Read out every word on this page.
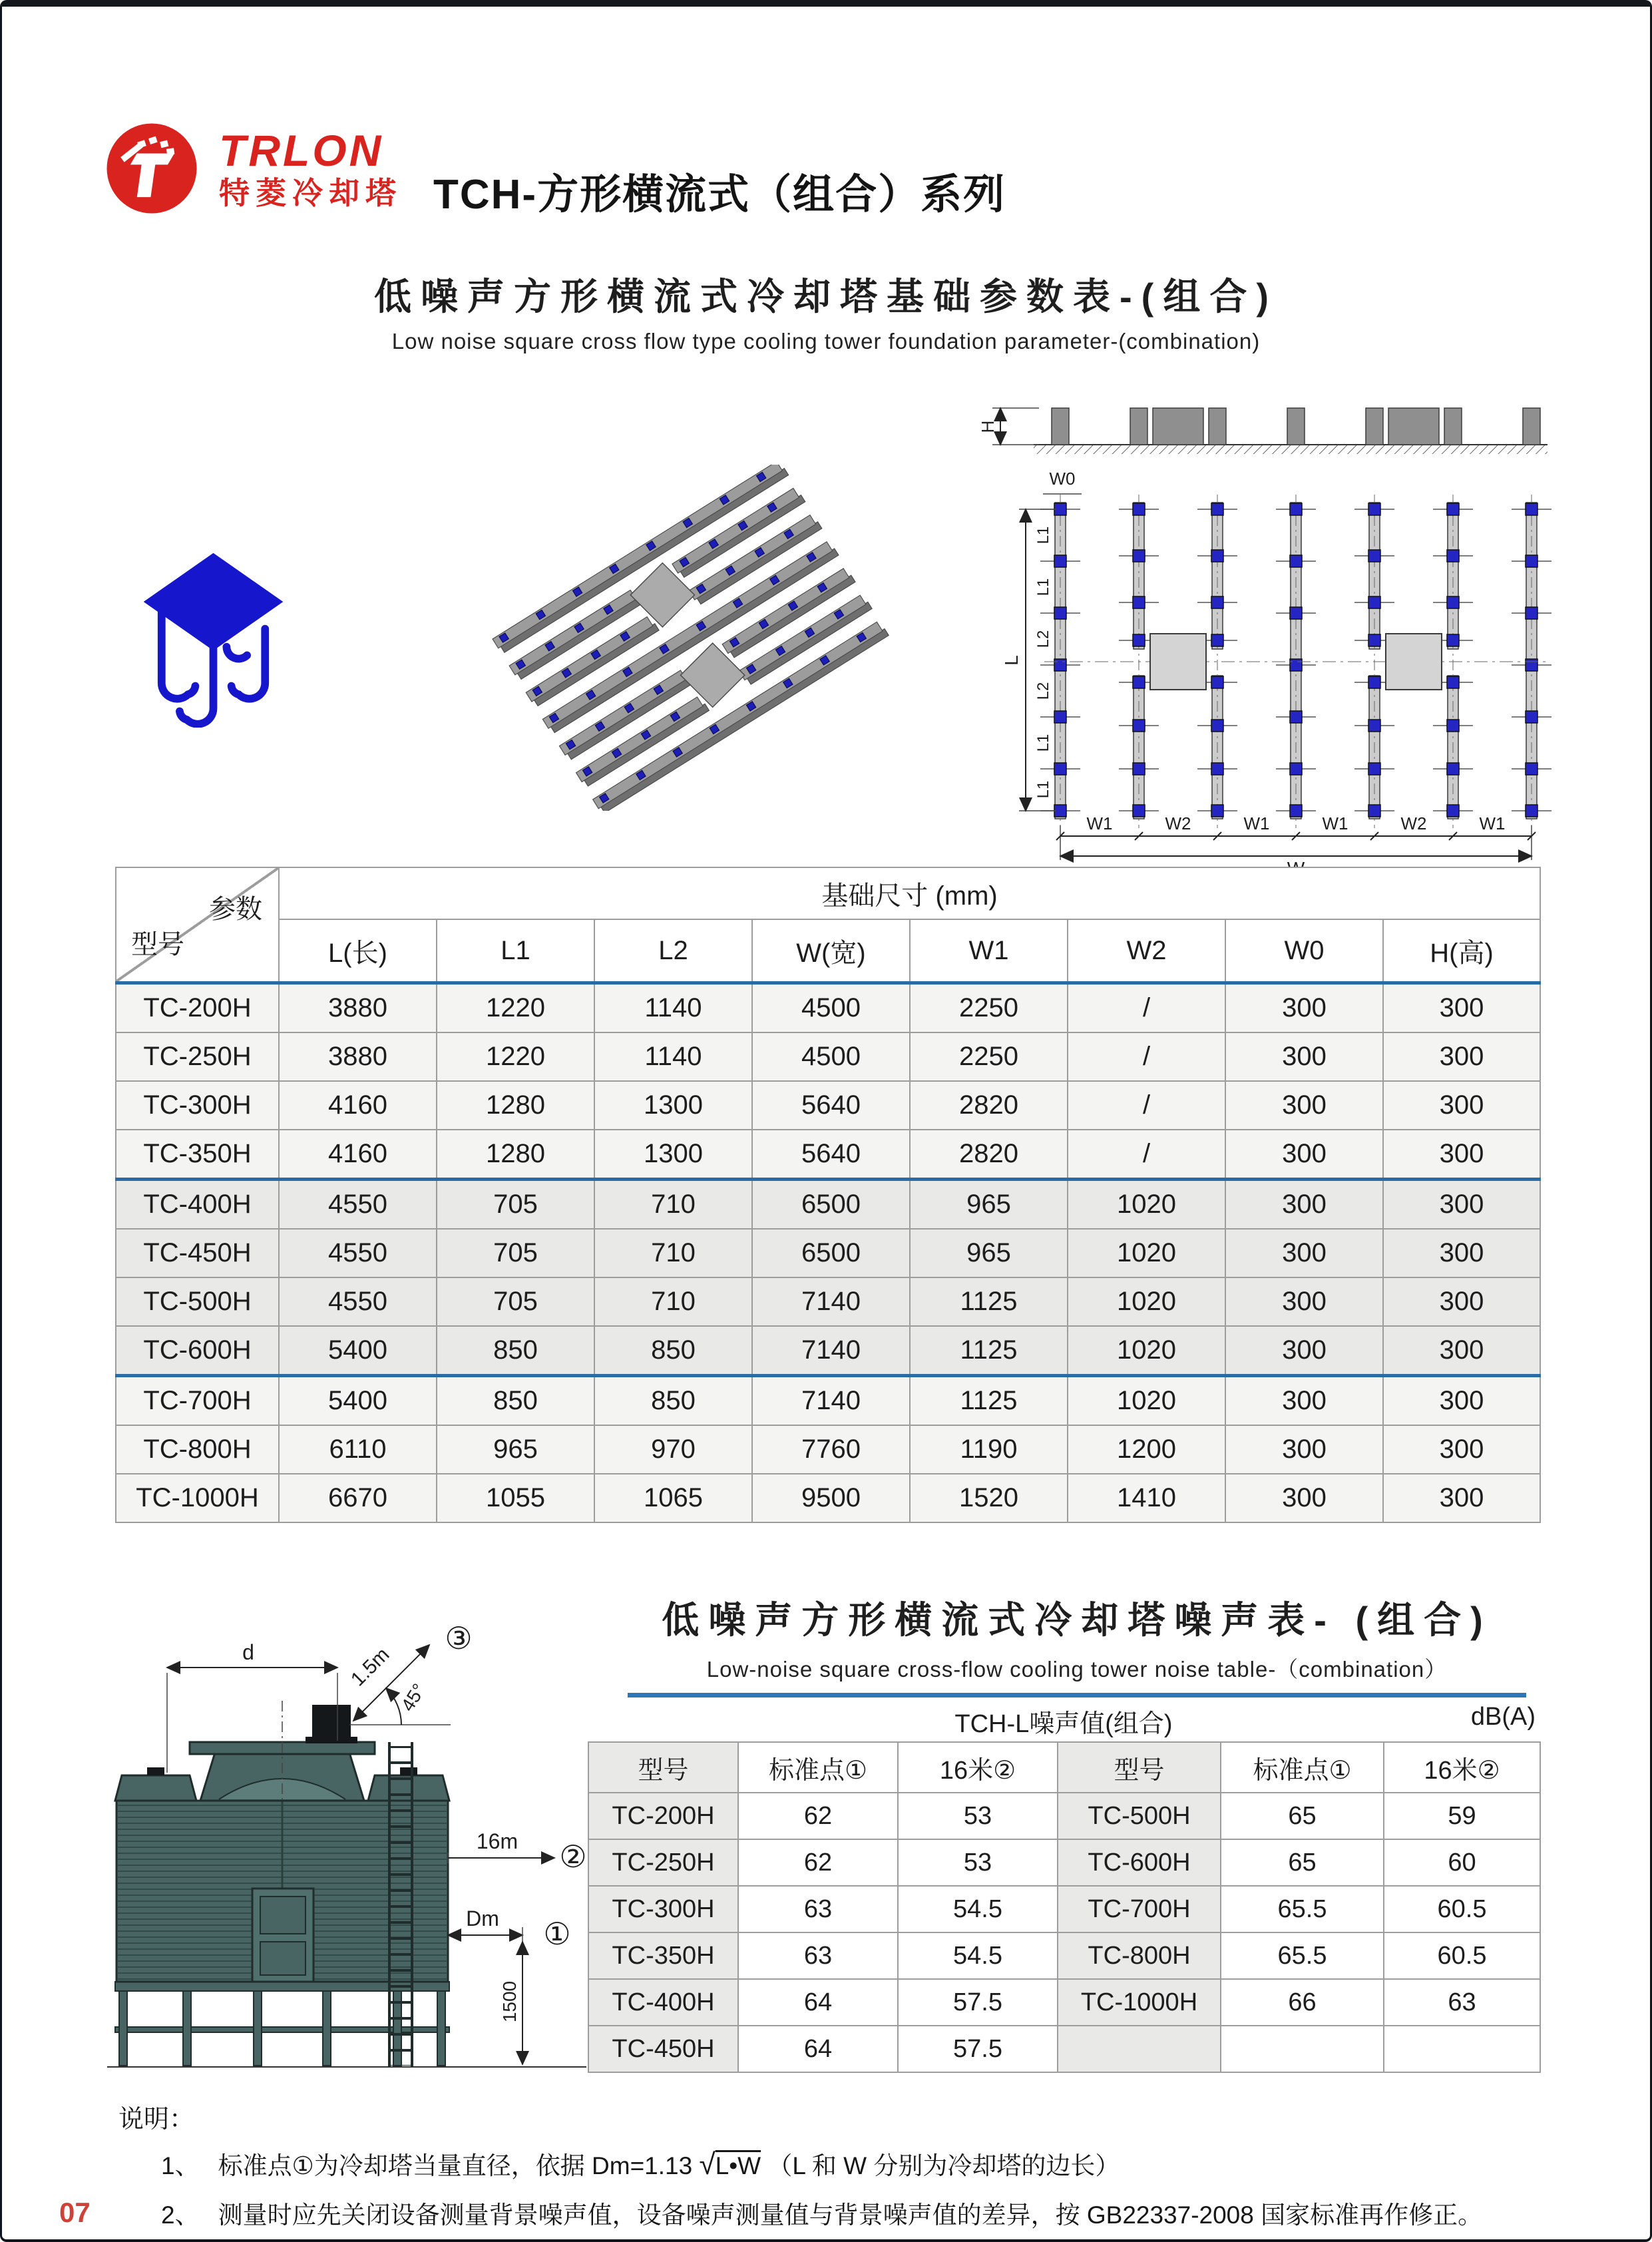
TRLON
特菱冷却塔 TCH-方形横流式（组合）系列
低噪声方形横流式冷却塔基础参数表-(组合)
Low noise square cross flow type cooling tower foundation parameter-(combination)
H
W0
L
L1
L1
L2
L2
L1
L1
W1	W2	W1	W1	W2	W1
参数
型号	基础尺寸 (mm)							
	L(长)	L1	L2	W(宽)	W1	W2	W0	H(高)
TC-200H	3880	1220	1140	4500	2250	/	300	300
TC-250H	3880	1220	1140	4500	2250	/	300	300
TC-300H	4160	1280	1300	5640	2820	/	300	300
TC-350H	4160	1280	1300	5640	2820	/	300	300
TC-400H	4550	705	710	6500	965	1020	300	300
TC-450H	4550	705	710	6500	965	1020	300	300
TC-500H	4550	705	710	7140	1125	1020	300	300
TC-600H	5400	850	850	7140	1125	1020	300	300
TC-700H	5400	850	850	7140	1125	1020	300	300
TC-800H	6110	965	970	7760	1190	1200	300	300
TC-1000H	6670	1055	1065	9500	1520	1410	300	300
低噪声方形横流式冷却塔噪声表- (组合)
Low-noise square cross-flow cooling tower noise table-（combination）
d	1.5m
45°
③
16m ②
Dm ①
1500
TCH-L噪声值(组合)	dB(A)
型号	标准点①	16米②	型号	标准点①	16米②
TC-200H	62	53	TC-500H	65	59
TC-250H	62	53	TC-600H	65	60
TC-300H	63	54.5	TC-700H	65.5	60.5
TC-350H	63	54.5	TC-800H	65.5	60.5
TC-400H	64	57.5	TC-1000H	66	63
TC-450H	64	57.5			
说明：
1、 标准点①为冷却塔当量直径，依据 Dm=1.13 √L•W （L 和 W 分别为冷却塔的边长）
2、 测量时应先关闭设备测量背景噪声值，设备噪声测量值与背景噪声值的差异，按 GB22337-2008 国家标准再作修正。
07
